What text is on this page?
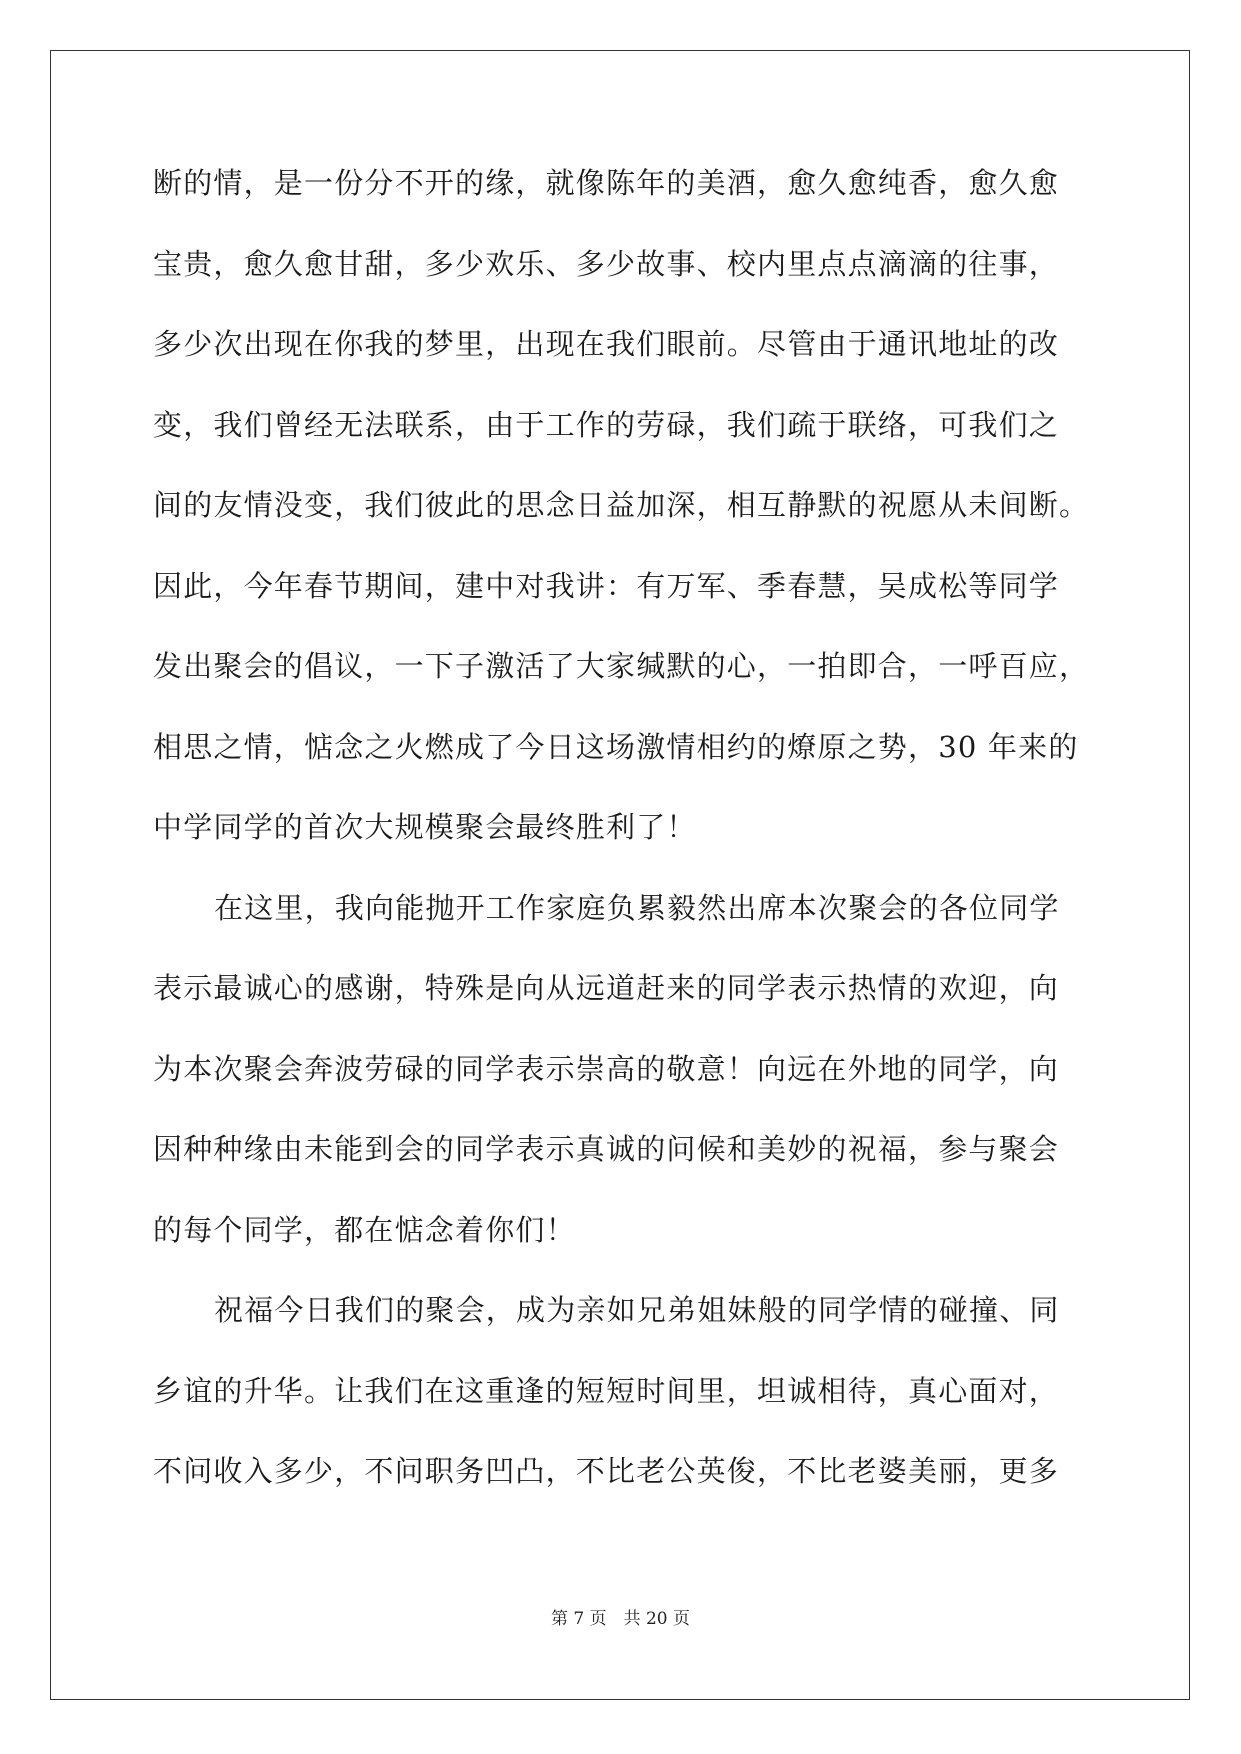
断的情，是一份分不开的缘，就像陈年的美酒，愈久愈纯香，愈久愈
宝贵，愈久愈甘甜，多少欢乐、多少故事、校内里点点滴滴的往事，
多少次出现在你我的梦里，出现在我们眼前。尽管由于通讯地址的改
变，我们曾经无法联系，由于工作的劳碌，我们疏于联络，可我们之
间的友情没变，我们彼此的思念日益加深，相互静默的祝愿从未间断。
因此，今年春节期间，建中对我讲：有万军、季春慧，吴成松等同学
发出聚会的倡议，一下子激活了大家缄默的心，一拍即合，一呼百应，
相思之情，惦念之火燃成了今日这场激情相约的燎原之势，30 年来的
中学同学的首次大规模聚会最终胜利了！
在这里，我向能抛开工作家庭负累毅然出席本次聚会的各位同学
表示最诚心的感谢，特殊是向从远道赶来的同学表示热情的欢迎，向
为本次聚会奔波劳碌的同学表示崇高的敬意！向远在外地的同学，向
因种种缘由未能到会的同学表示真诚的问候和美妙的祝福，参与聚会
的每个同学，都在惦念着你们！
祝福今日我们的聚会，成为亲如兄弟姐妹般的同学情的碰撞、同
乡谊的升华。让我们在这重逢的短短时间里，坦诚相待，真心面对，
不问收入多少，不问职务凹凸，不比老公英俊，不比老婆美丽，更多
第 7 页　共 20 页
